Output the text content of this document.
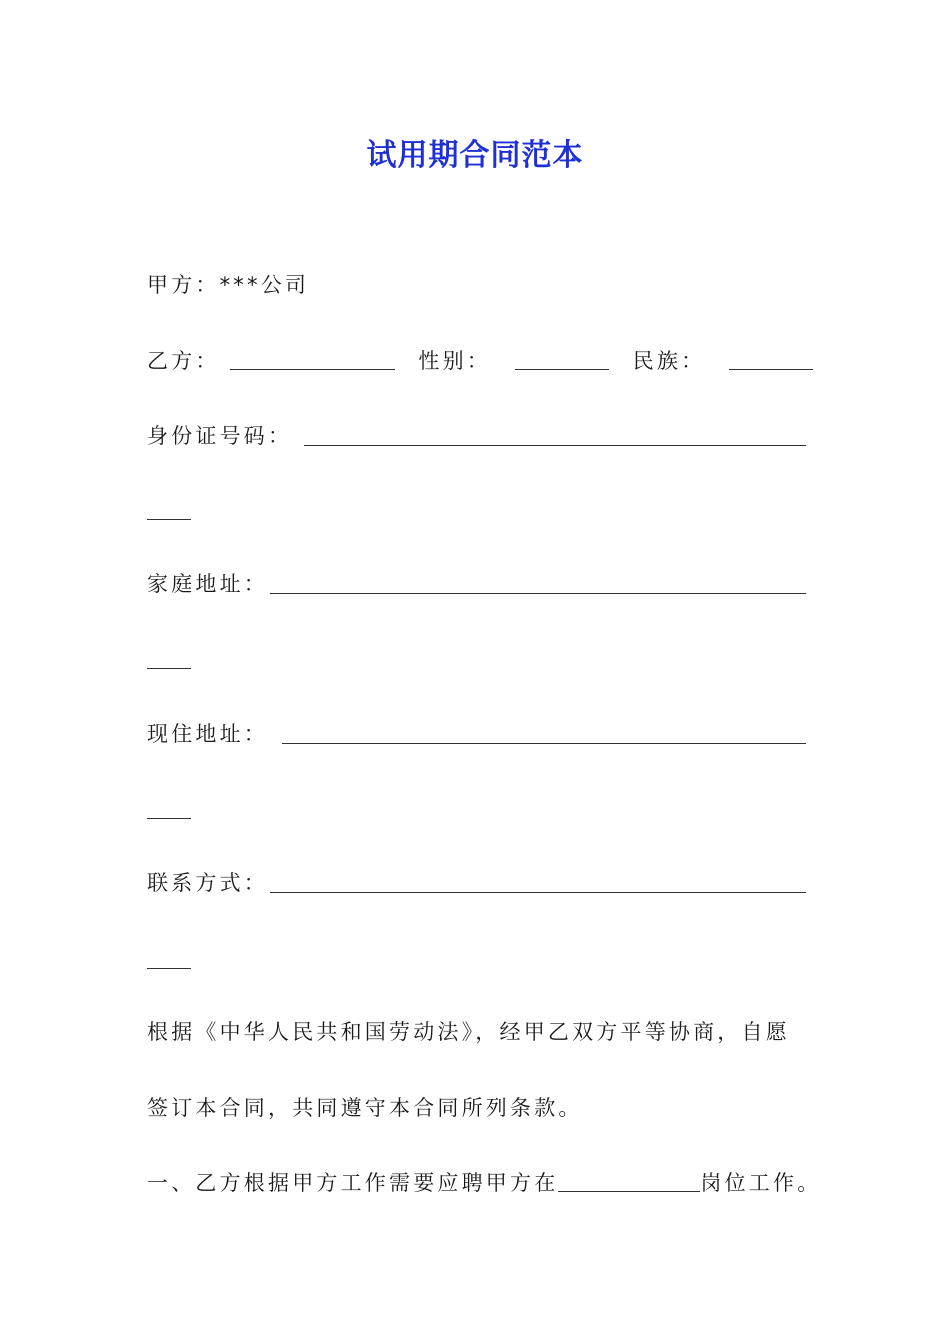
试用期合同范本
甲方：***公司
乙方：	性别：	民族：
身份证号码：
家庭地址：
现住地址：
联系方式：
根据《中华人民共和国劳动法》，经甲乙双方平等协商，自愿
签订本合同，共同遵守本合同所列条款。
一、乙方根据甲方工作需要应聘甲方在	岗位工作。
